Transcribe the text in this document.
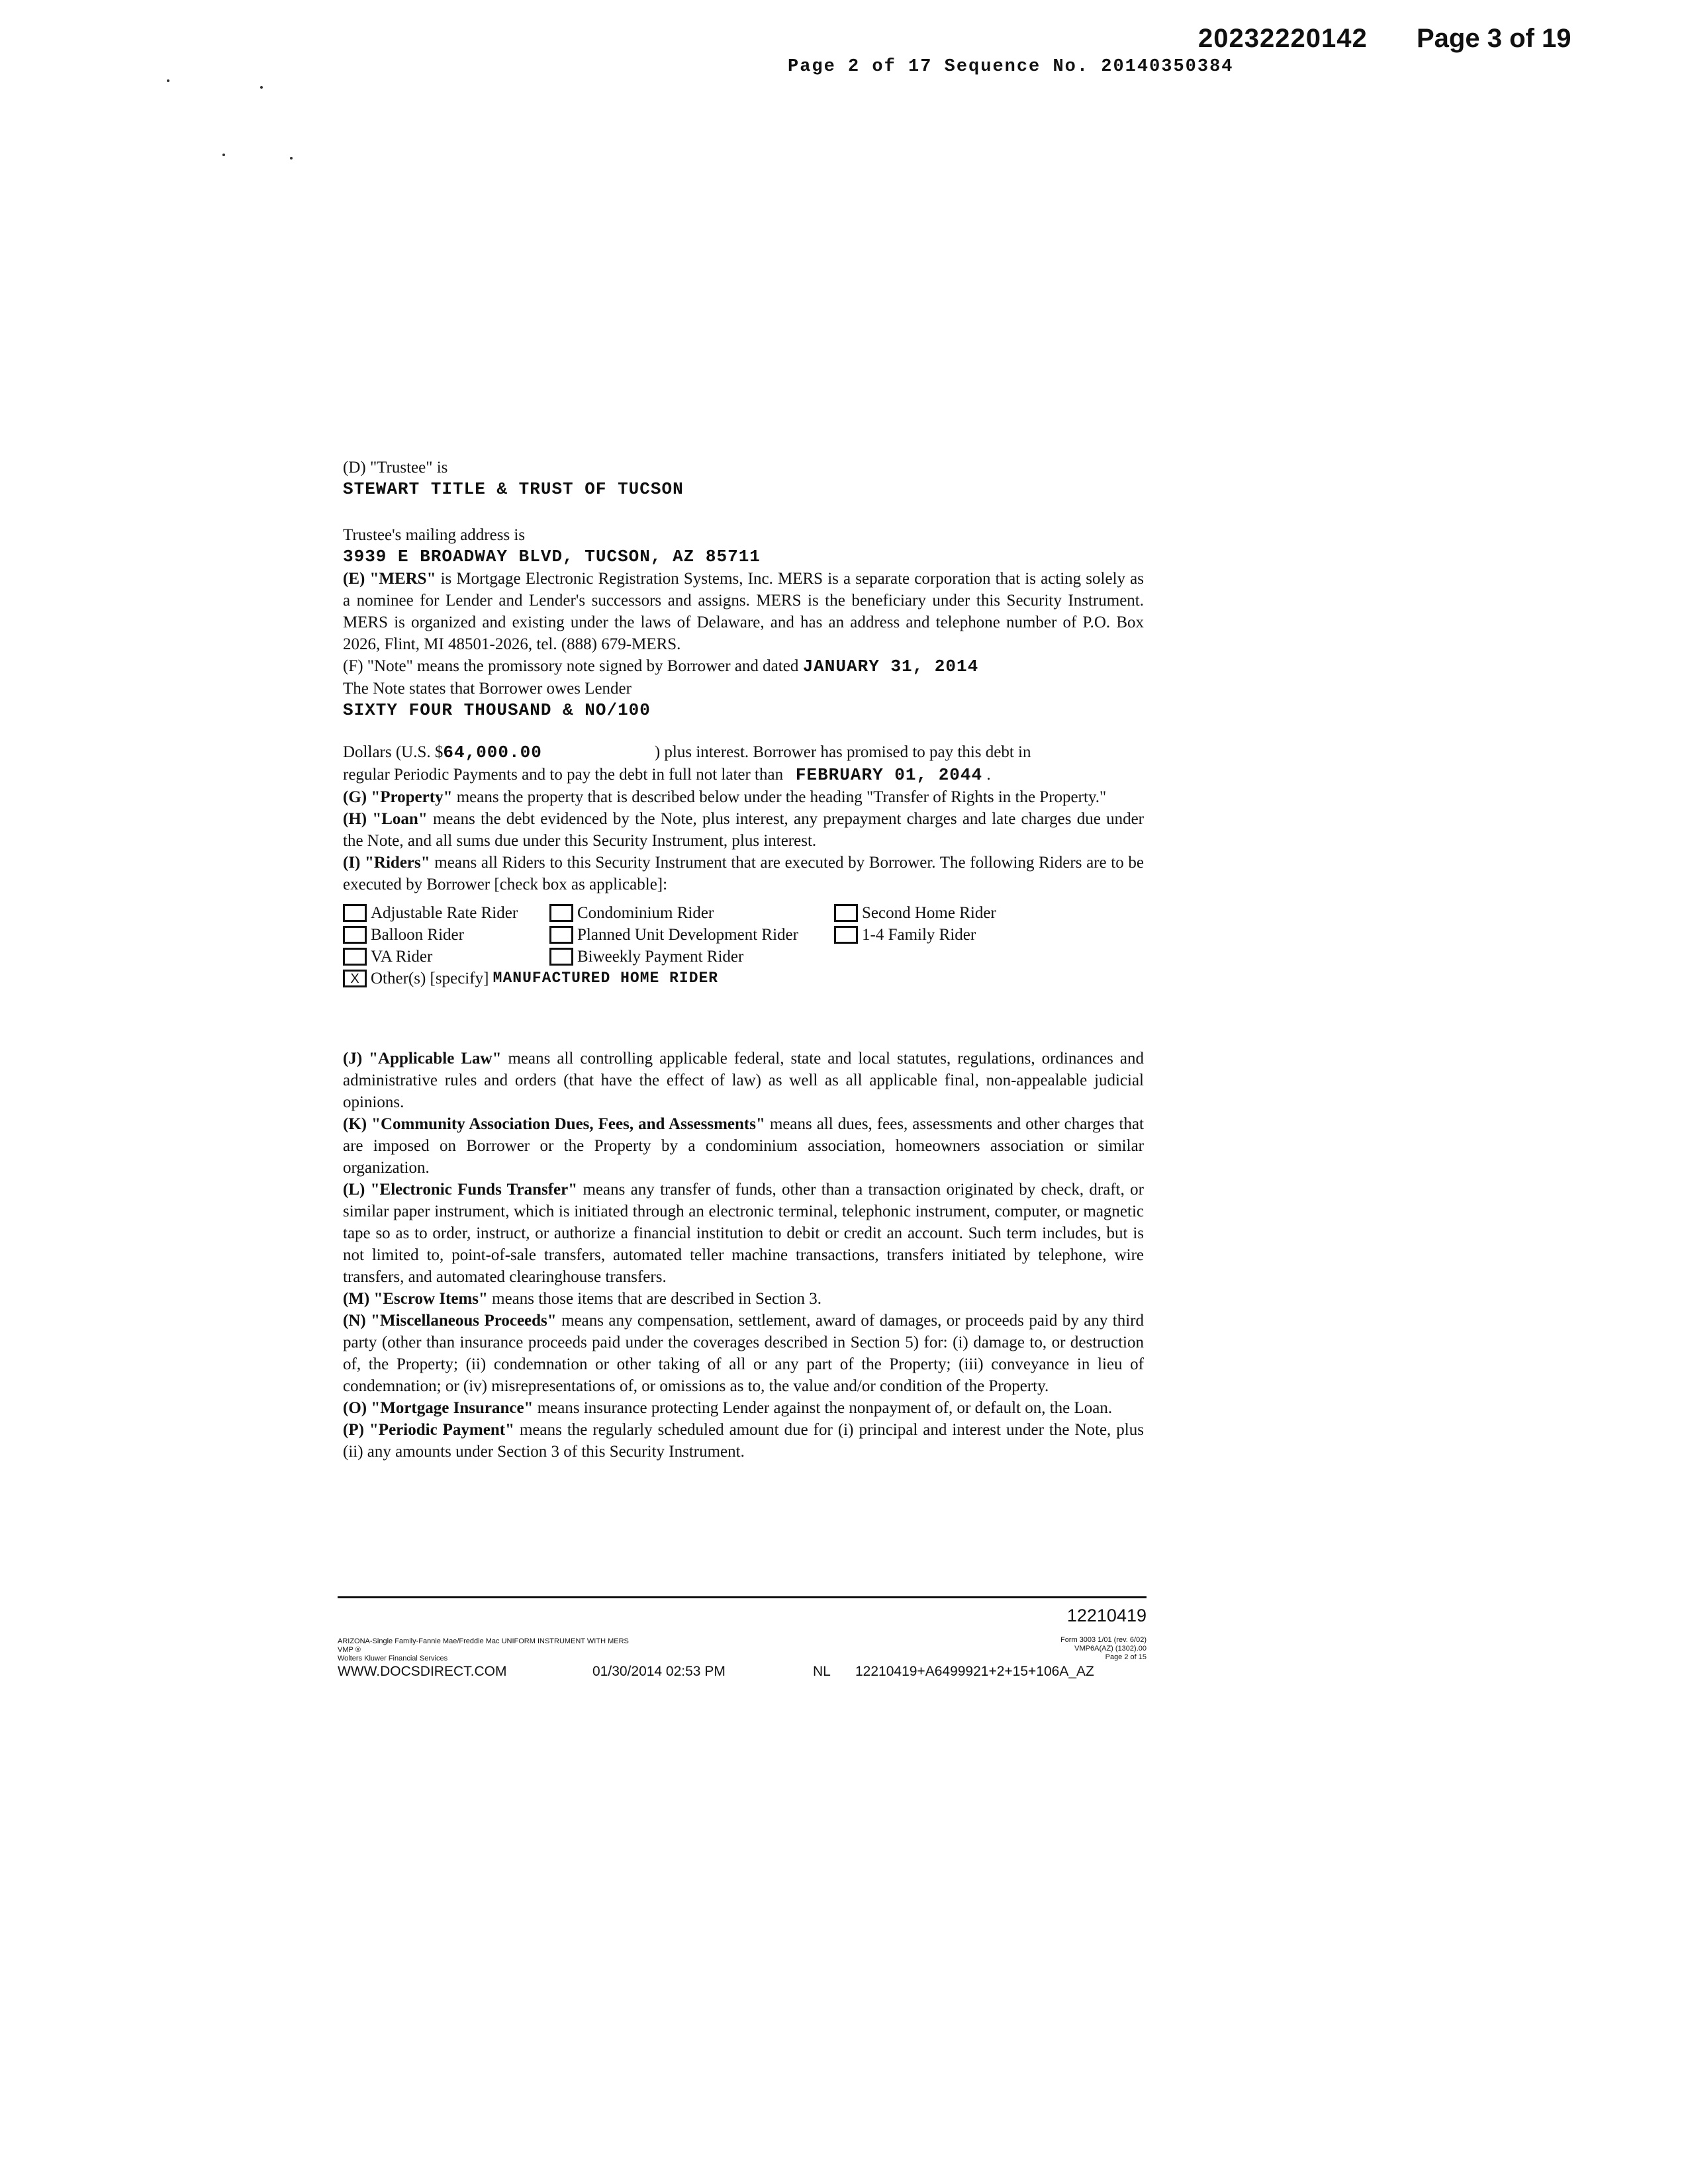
20232220142 Page 3 of 19
Page 2 of 17 Sequence No. 20140350384

(D) "Trustee" is

STEWART TITLE & TRUST OF TUCSON

Trustee's mailing address is

3939 E BROADWAY BLVD, TUCSON, AZ 85711

(E) "MERS" is Mortgage Electronic Registration Systems, Inc. MERS is a separate corporation that is acting solely as a nominee for Lender and Lender's successors and assigns. MERS is the beneficiary under this Security Instrument. MERS is organized and existing under the laws of Delaware, and has an address and telephone number of P.O. Box 2026, Flint, MI 48501-2026, tel. (888) 679-MERS.

(F) "Note" means the promissory note signed by Borrower and dated JANUARY 31, 2014

The Note states that Borrower owes Lender

SIXTY FOUR THOUSAND & NO/100

Dollars (U.S. $64,000.00	) plus interest. Borrower has promised to pay this debt in

regular Periodic Payments and to pay the debt in full not later than FEBRUARY 01, 2044 .

(G) "Property" means the property that is described below under the heading "Transfer of Rights in the Property."

(H) "Loan" means the debt evidenced by the Note, plus interest, any prepayment charges and late charges due under the Note, and all sums due under this Security Instrument, plus interest.

(I) "Riders" means all Riders to this Security Instrument that are executed by Borrower. The following Riders are to be executed by Borrower [check box as applicable]:

Adjustable Rate Rider	Condominium Rider	Second Home Rider
Balloon Rider	Planned Unit Development Rider	1-4 Family Rider
VA Rider	Biweekly Payment Rider
X Other(s) [specify]
MANUFACTURED HOME RIDER

(J) "Applicable Law" means all controlling applicable federal, state and local statutes, regulations, ordinances and administrative rules and orders (that have the effect of law) as well as all applicable final, non-appealable judicial opinions.

(K) "Community Association Dues, Fees, and Assessments" means all dues, fees, assessments and other charges that are imposed on Borrower or the Property by a condominium association, homeowners association or similar organization.

(L) "Electronic Funds Transfer" means any transfer of funds, other than a transaction originated by check, draft, or similar paper instrument, which is initiated through an electronic terminal, telephonic instrument, computer, or magnetic tape so as to order, instruct, or authorize a financial institution to debit or credit an account. Such term includes, but is not limited to, point-of-sale transfers, automated teller machine transactions, transfers initiated by telephone, wire transfers, and automated clearinghouse transfers.

(M) "Escrow Items" means those items that are described in Section 3.

(N) "Miscellaneous Proceeds" means any compensation, settlement, award of damages, or proceeds paid by any third party (other than insurance proceeds paid under the coverages described in Section 5) for: (i) damage to, or destruction of, the Property; (ii) condemnation or other taking of all or any part of the Property; (iii) conveyance in lieu of condemnation; or (iv) misrepresentations of, or omissions as to, the value and/or condition of the Property.

(O) "Mortgage Insurance" means insurance protecting Lender against the nonpayment of, or default on, the Loan.

(P) "Periodic Payment" means the regularly scheduled amount due for (i) principal and interest under the Note, plus (ii) any amounts under Section 3 of this Security Instrument.

12210419
ARIZONA-Single Family-Fannie Mae/Freddie Mac UNIFORM INSTRUMENT WITH MERS
VMP ®
Wolters Kluwer Financial Services
Form 3003 1/01 (rev. 6/02)
VMP6A(AZ) (1302).00
Page 2 of 15
WWW.DOCSDIRECT.COM	01/30/2014 02:53 PM	NL 12210419+A6499921+2+15+106A_AZ
